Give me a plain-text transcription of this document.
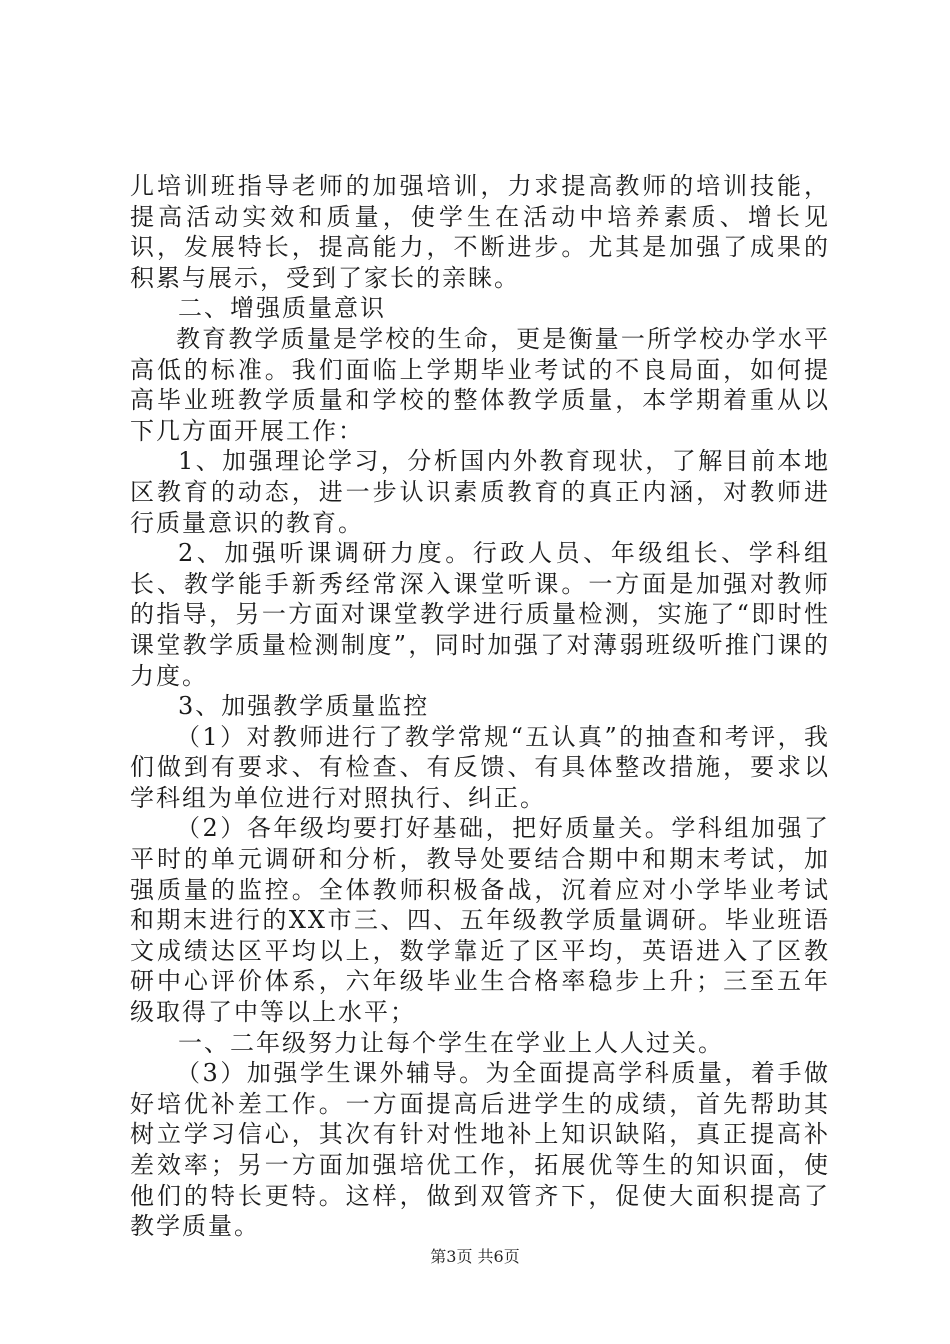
儿培训班指导老师的加强培训，力求提高教师的培训技能，提高活动实效和质量，使学生在活动中培养素质、增长见识，发展特长，提高能力，不断进步。尤其是加强了成果的积累与展示，受到了家长的亲睐。

二、增强质量意识

教育教学质量是学校的生命，更是衡量一所学校办学水平高低的标准。我们面临上学期毕业考试的不良局面，如何提高毕业班教学质量和学校的整体教学质量，本学期着重从以下几方面开展工作：

1、加强理论学习，分析国内外教育现状，了解目前本地区教育的动态，进一步认识素质教育的真正内涵，对教师进行质量意识的教育。

2、加强听课调研力度。行政人员、年级组长、学科组长、教学能手新秀经常深入课堂听课。一方面是加强对教师的指导，另一方面对课堂教学进行质量检测，实施了“即时性课堂教学质量检测制度”，同时加强了对薄弱班级听推门课的力度。

3、加强教学质量监控

（1）对教师进行了教学常规“五认真”的抽查和考评，我们做到有要求、有检查、有反馈、有具体整改措施，要求以学科组为单位进行对照执行、纠正。

（2）各年级均要打好基础，把好质量关。学科组加强了平时的单元调研和分析，教导处要结合期中和期末考试，加强质量的监控。全体教师积极备战，沉着应对小学毕业考试和期末进行的XX市三、四、五年级教学质量调研。毕业班语文成绩达区平均以上，数学靠近了区平均，英语进入了区教研中心评价体系，六年级毕业生合格率稳步上升；三至五年级取得了中等以上水平；

一、二年级努力让每个学生在学业上人人过关。

（3）加强学生课外辅导。为全面提高学科质量，着手做好培优补差工作。一方面提高后进学生的成绩，首先帮助其树立学习信心，其次有针对性地补上知识缺陷，真正提高补差效率；另一方面加强培优工作，拓展优等生的知识面，使他们的特长更特。这样，做到双管齐下，促使大面积提高了教学质量。

第3页 共6页
